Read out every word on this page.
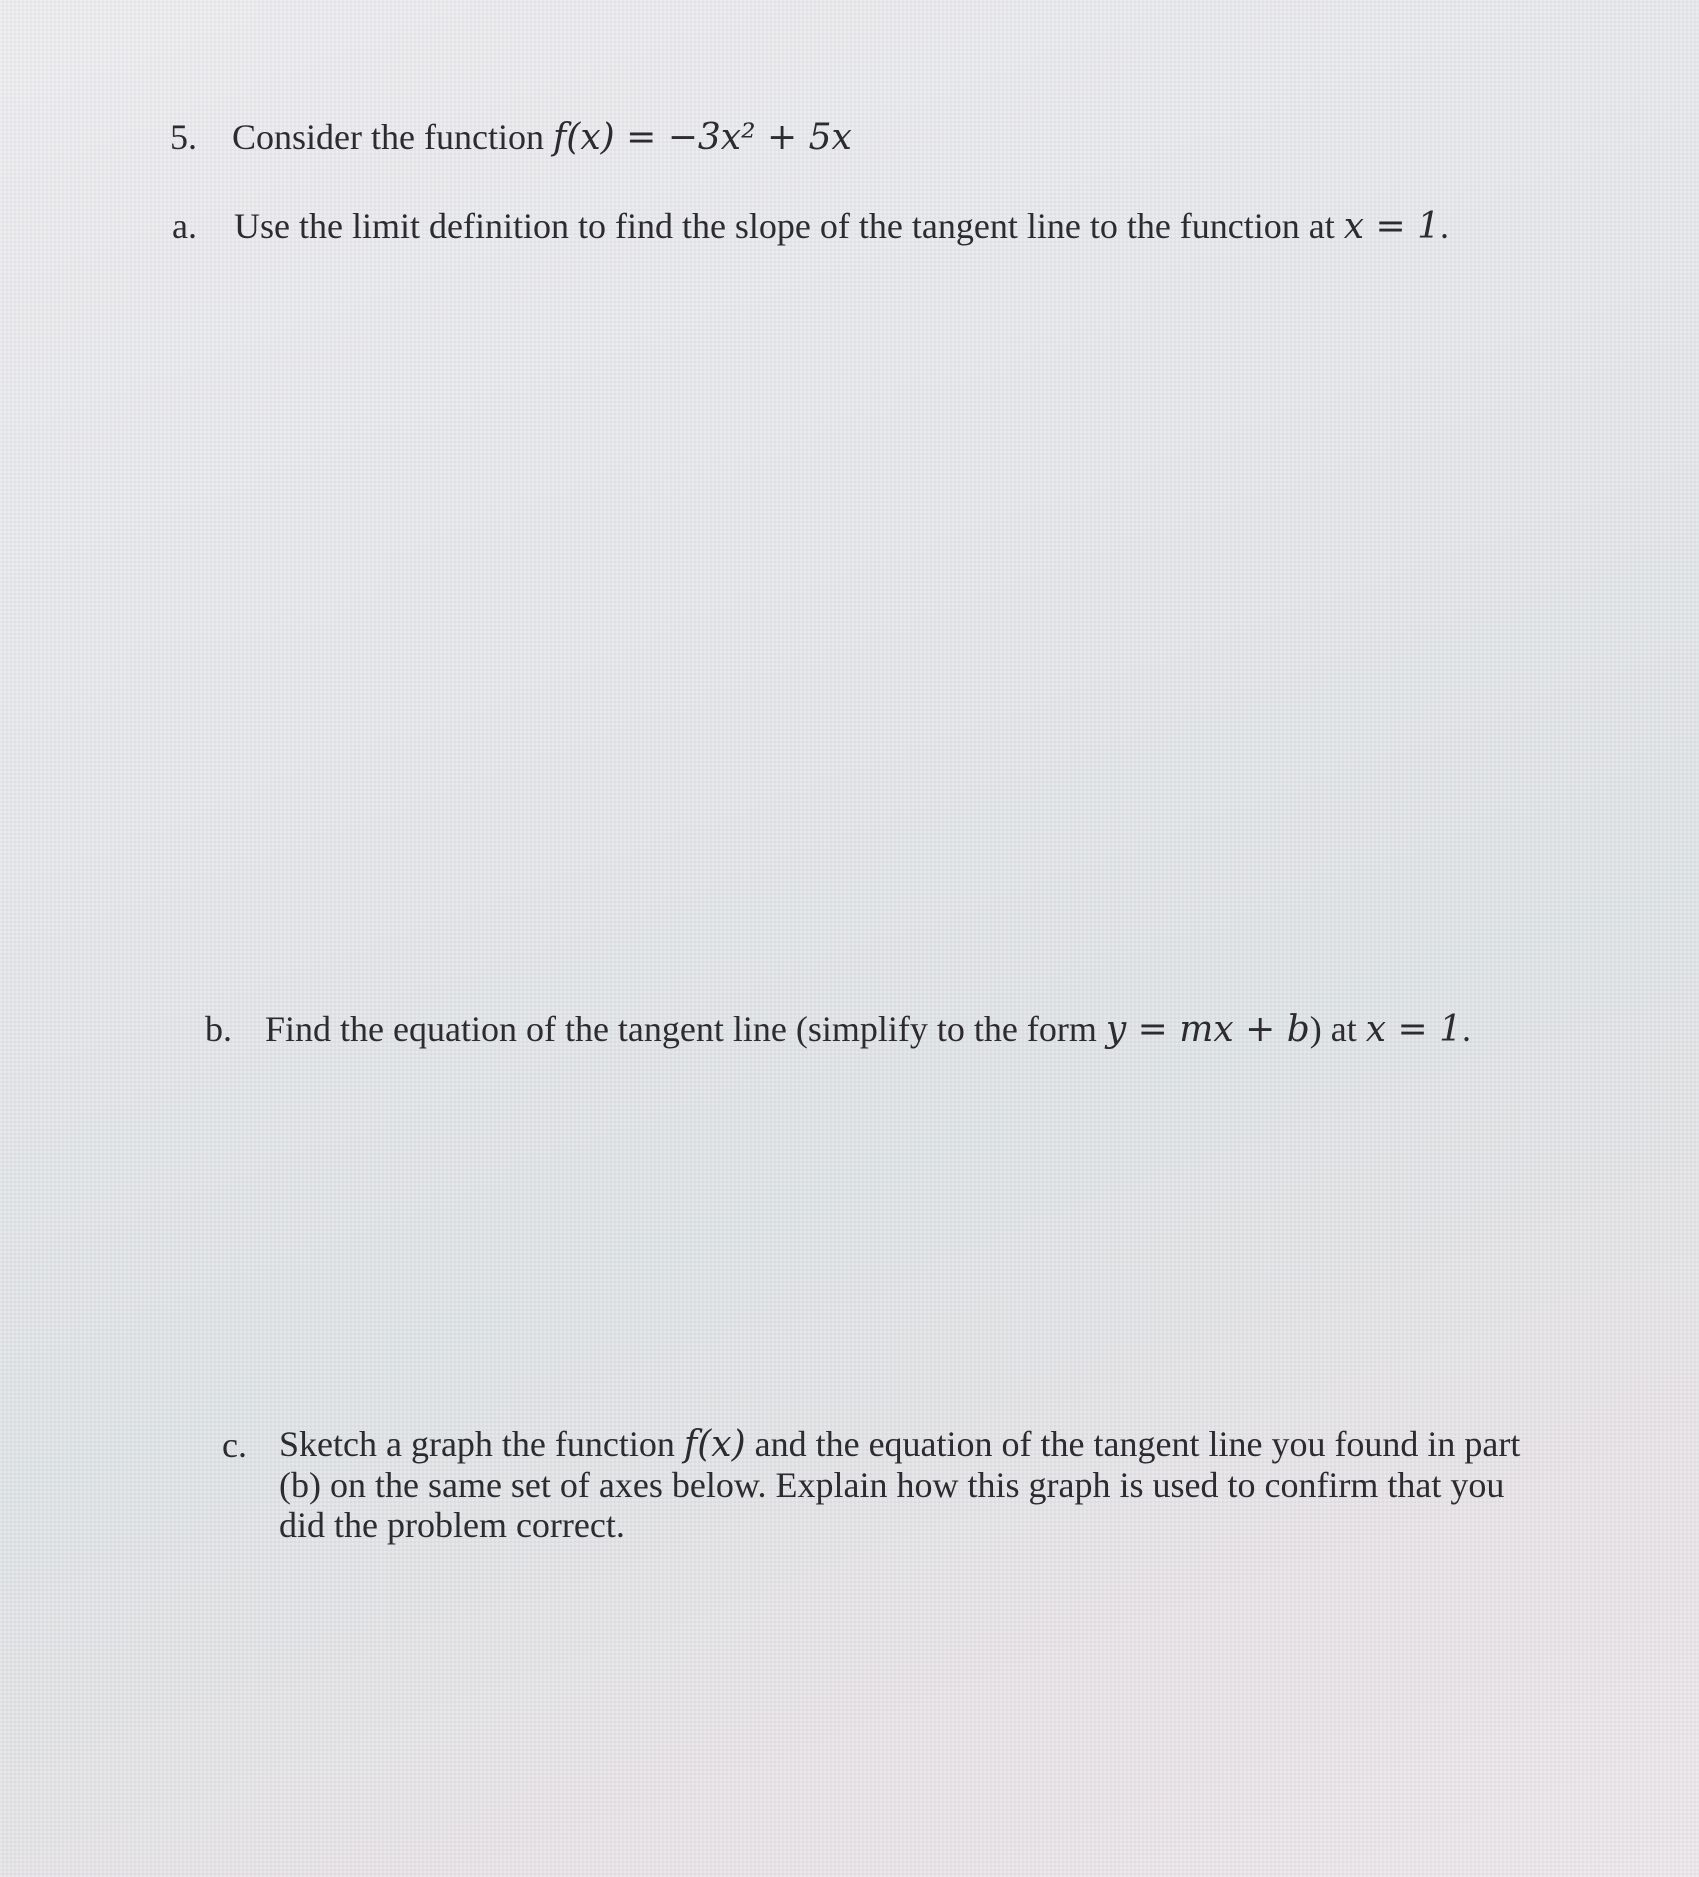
5. Consider the function f(x) = −3x² + 5x
a. Use the limit definition to find the slope of the tangent line to the function at x = 1.
b. Find the equation of the tangent line (simplify to the form y = mx + b) at x = 1.
c. Sketch a graph the function f(x) and the equation of the tangent line you found in part
(b) on the same set of axes below. Explain how this graph is used to confirm that you
did the problem correct.
